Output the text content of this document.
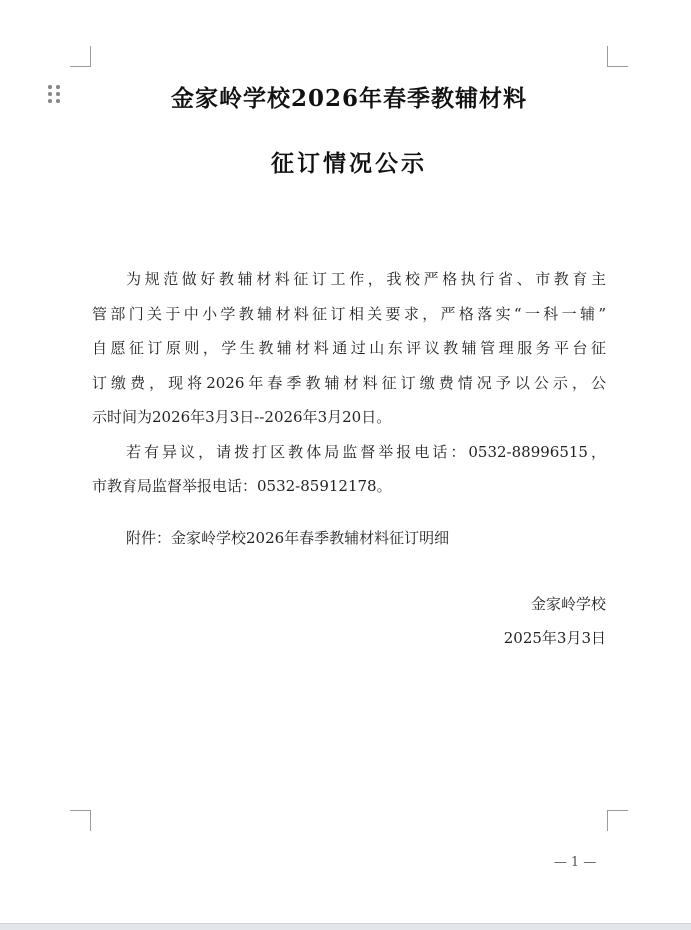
金家岭学校2026年春季教辅材料
征订情况公示
为规范做好教辅材料征订工作，我校严格执行省、市教育主
管部门关于中小学教辅材料征订相关要求，严格落实“一科一辅”
自愿征订原则，学生教辅材料通过山东评议教辅管理服务平台征
订缴费，现将2026年春季教辅材料征订缴费情况予以公示，公
示时间为2026年3月3日--2026年3月20日。
若有异议，请拨打区教体局监督举报电话：0532-88996515，
市教育局监督举报电话：0532-85912178。
附件：金家岭学校2026年春季教辅材料征订明细
金家岭学校
2025年3月3日
— 1 —
